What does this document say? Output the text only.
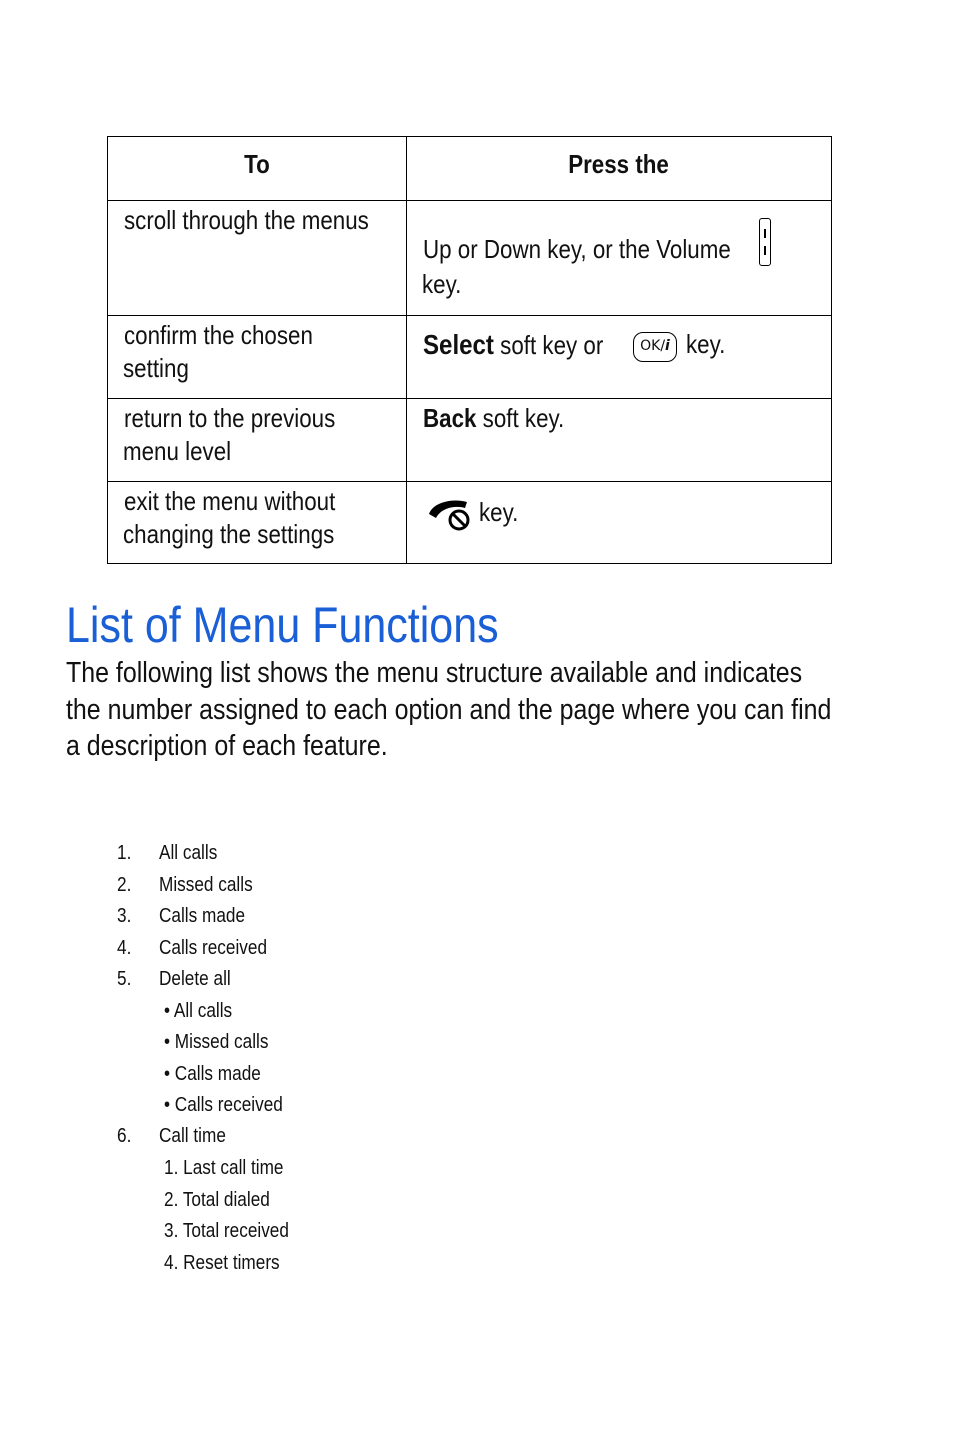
To	Press the
scroll through the menus
Up or Down key, or the Volume
key.
confirm the chosen
setting
Select soft key or	OK/i key.
return to the previous
menu level
Back soft key.
exit the menu without
changing the settings
key.
List of Menu Functions
The following list shows the menu structure available and indicates
the number assigned to each option and the page where you can find
a description of each feature.
1. All calls
2. Missed calls
3. Calls made
4. Calls received
5. Delete all
• All calls
• Missed calls
• Calls made
• Calls received
6. Call time
1. Last call time
2. Total dialed
3. Total received
4. Reset timers
